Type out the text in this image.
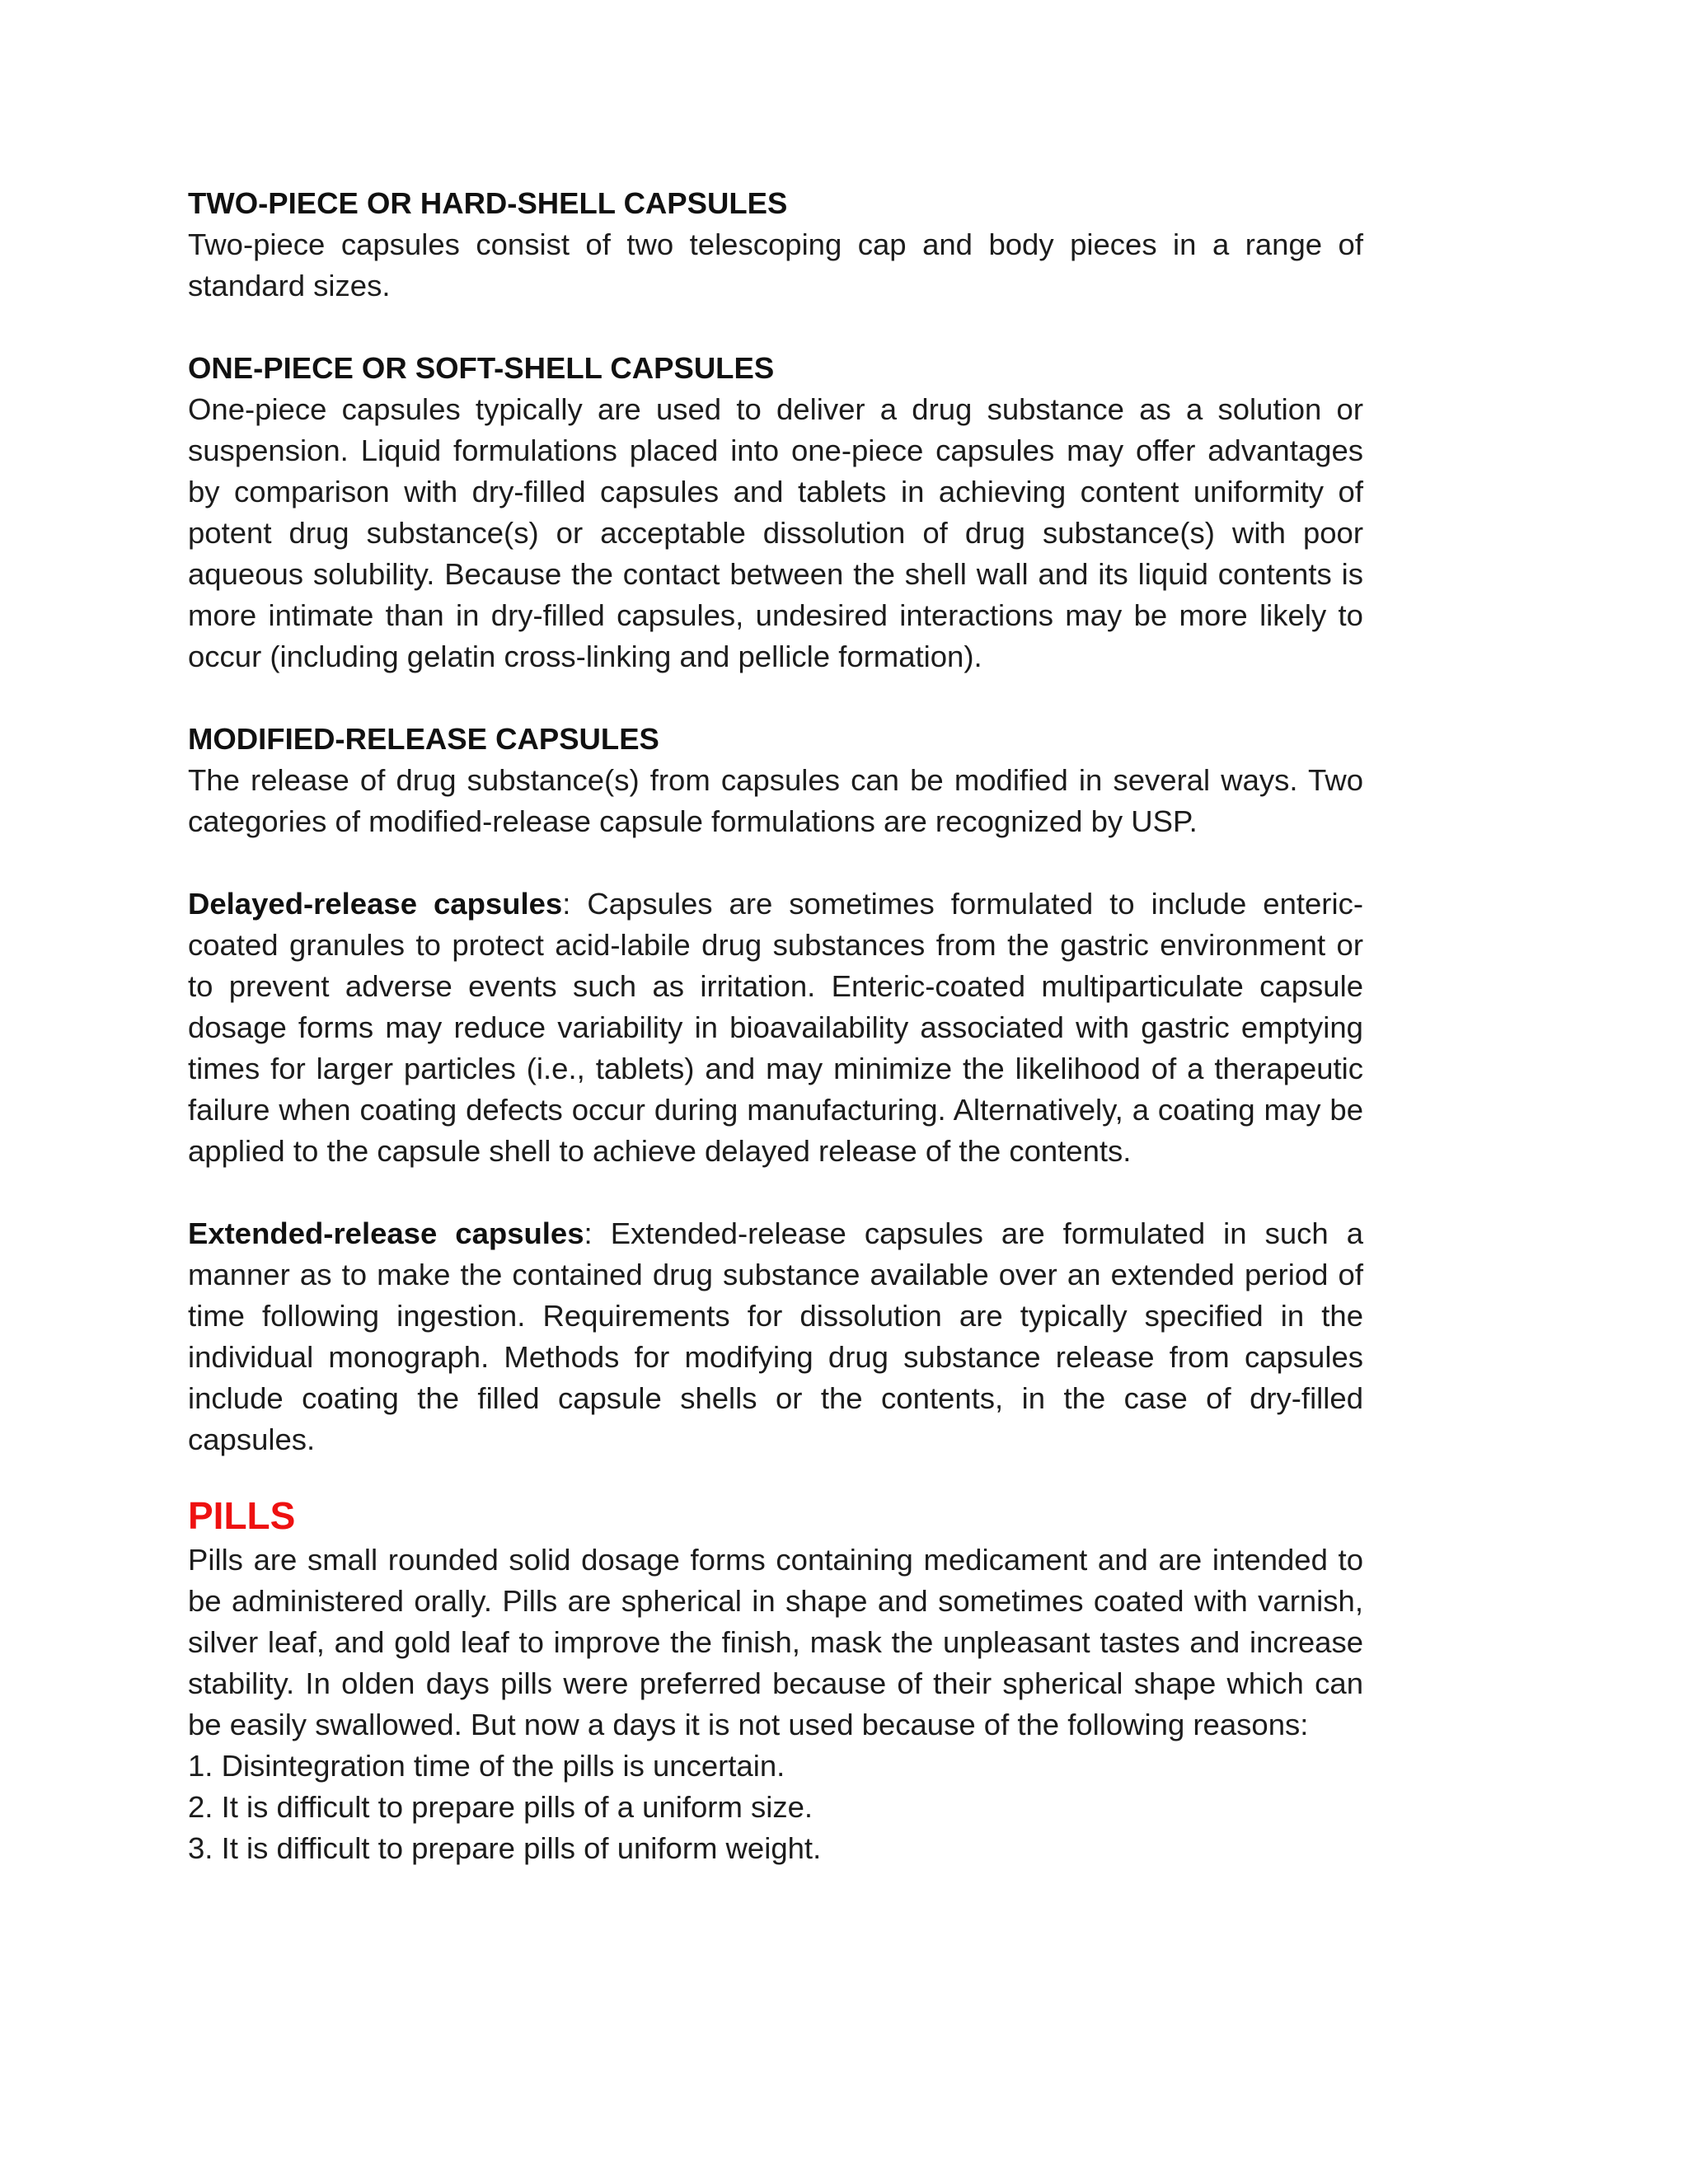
TWO-PIECE OR HARD-SHELL CAPSULES

Two-piece capsules consist of two telescoping cap and body pieces in a range of standard sizes.

ONE-PIECE OR SOFT-SHELL CAPSULES

One-piece capsules typically are used to deliver a drug substance as a solution or suspension. Liquid formulations placed into one-piece capsules may offer advantages by comparison with dry-filled capsules and tablets in achieving content uniformity of potent drug substance(s) or acceptable dissolution of drug substance(s) with poor aqueous solubility. Because the contact between the shell wall and its liquid contents is more intimate than in dry-filled capsules, undesired interactions may be more likely to occur (including gelatin cross-linking and pellicle formation).

MODIFIED-RELEASE CAPSULES

The release of drug substance(s) from capsules can be modified in several ways. Two categories of modified-release capsule formulations are recognized by USP.

Delayed-release capsules: Capsules are sometimes formulated to include enteric-coated granules to protect acid-labile drug substances from the gastric environment or to prevent adverse events such as irritation. Enteric-coated multiparticulate capsule dosage forms may reduce variability in bioavailability associated with gastric emptying times for larger particles (i.e., tablets) and may minimize the likelihood of a therapeutic failure when coating defects occur during manufacturing. Alternatively, a coating may be applied to the capsule shell to achieve delayed release of the contents.

Extended-release capsules: Extended-release capsules are formulated in such a manner as to make the contained drug substance available over an extended period of time following ingestion. Requirements for dissolution are typically specified in the individual monograph. Methods for modifying drug substance release from capsules include coating the filled capsule shells or the contents, in the case of dry-filled capsules.

PILLS

Pills are small rounded solid dosage forms containing medicament and are intended to be administered orally. Pills are spherical in shape and sometimes coated with varnish, silver leaf, and gold leaf to improve the finish, mask the unpleasant tastes and increase stability. In olden days pills were preferred because of their spherical shape which can be easily swallowed. But now a days it is not used because of the following reasons:

1. Disintegration time of the pills is uncertain.
2. It is difficult to prepare pills of a uniform size.
3. It is difficult to prepare pills of uniform weight.
